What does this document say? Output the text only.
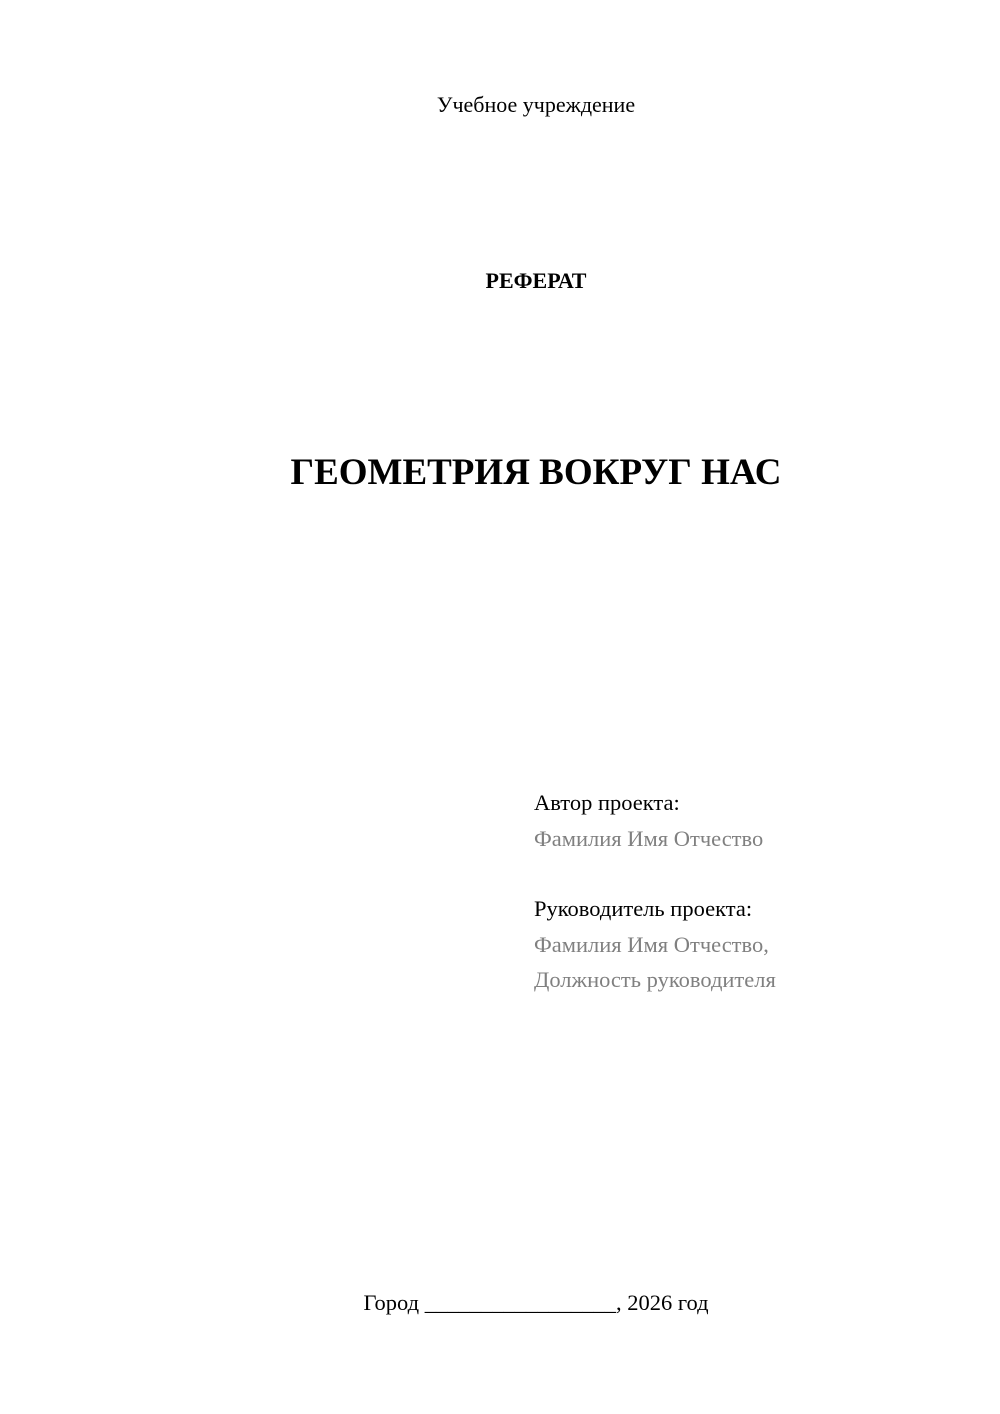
Учебное учреждение
РЕФЕРАТ
ГЕОМЕТРИЯ ВОКРУГ НАС
Автор проекта:
Фамилия Имя Отчество
Руководитель проекта:
Фамилия Имя Отчество,
Должность руководителя
Город _________________, 2026 год
